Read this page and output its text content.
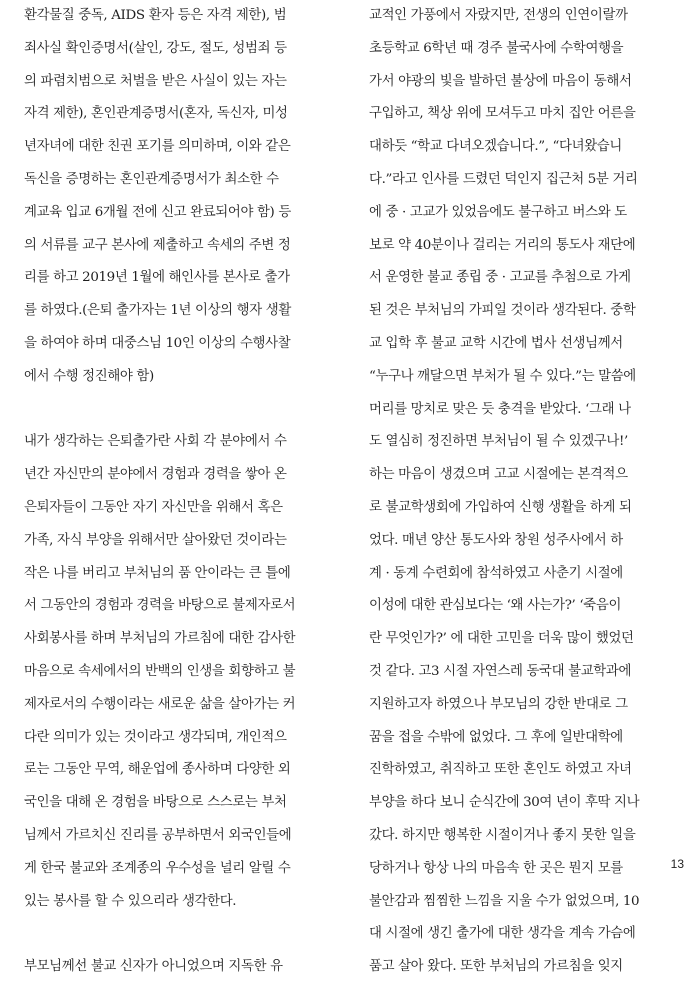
환각물질 중독, AIDS 환자 등은 자격 제한), 범
죄사실 확인증명서(살인, 강도, 절도, 성범죄 등
의 파렴치범으로 처벌을 받은 사실이 있는 자는
자격 제한), 혼인관계증명서(혼자, 독신자, 미성
년자녀에 대한 친권 포기를 의미하며, 이와 같은
독신을 증명하는 혼인관계증명서가 최소한 수
계교육 입교 6개월 전에 신고 완료되어야 함) 등
의 서류를 교구 본사에 제출하고 속세의 주변 정
리를 하고 2019년 1월에 해인사를 본사로 출가
를 하였다.(은퇴 출가자는 1년 이상의 행자 생활
을 하여야 하며 대중스님 10인 이상의 수행사찰
에서 수행 정진해야 함)
내가 생각하는 은퇴출가란 사회 각 분야에서 수
년간 자신만의 분야에서 경험과 경력을 쌓아 온
은퇴자들이 그동안 자기 자신만을 위해서 혹은
가족, 자식 부양을 위해서만 살아왔던 것이라는
작은 나를 버리고 부처님의 품 안이라는 큰 틀에
서 그동안의 경험과 경력을 바탕으로 불제자로서
사회봉사를 하며 부처님의 가르침에 대한 감사한
마음으로 속세에서의 반백의 인생을 회향하고 불
제자로서의 수행이라는 새로운 삶을 살아가는 커
다란 의미가 있는 것이라고 생각되며, 개인적으
로는 그동안 무역, 해운업에 종사하며 다양한 외
국인을 대해 온 경험을 바탕으로 스스로는 부처
님께서 가르치신 진리를 공부하면서 외국인들에
게 한국 불교와 조계종의 우수성을 널리 알릴 수
있는 봉사를 할 수 있으리라 생각한다.
부모님께선 불교 신자가 아니었으며 지독한 유
교적인 가풍에서 자랐지만, 전생의 인연이랄까
초등학교 6학년 때 경주 불국사에 수학여행을
가서 야광의 빛을 발하던 불상에 마음이 동해서
구입하고, 책상 위에 모셔두고 마치 집안 어른을
대하듯 “학교 다녀오겠습니다.”, “다녀왔습니
다.”라고 인사를 드렸던 덕인지 집근처 5분 거리
에 중 · 고교가 있었음에도 불구하고 버스와 도
보로 약 40분이나 걸리는 거리의 통도사 재단에
서 운영한 불교 종립 중 · 고교를 추첨으로 가게
된 것은 부처님의 가피일 것이라 생각된다. 중학
교 입학 후 불교 교학 시간에 법사 선생님께서
“누구나 깨달으면 부처가 될 수 있다.”는 말씀에
머리를 망치로 맞은 듯 충격을 받았다. ‘그래 나
도 열심히 정진하면 부처님이 될 수 있겠구나!’
하는 마음이 생겼으며 고교 시절에는 본격적으
로 불교학생회에 가입하여 신행 생활을 하게 되
었다. 매년 양산 통도사와 창원 성주사에서 하
계 · 동계 수련회에 참석하였고 사춘기 시절에
이성에 대한 관심보다는 ‘왜 사는가?’ ‘죽음이
란 무엇인가?’ 에 대한 고민을 더욱 많이 했었던
것 같다. 고3 시절 자연스레 동국대 불교학과에
지원하고자 하였으나 부모님의 강한 반대로 그
꿈을 접을 수밖에 없었다. 그 후에 일반대학에
진학하였고, 취직하고 또한 혼인도 하였고 자녀
부양을 하다 보니 순식간에 30여 년이 후딱 지나
갔다. 하지만 행복한 시절이거나 좋지 못한 일을
당하거나 항상 나의 마음속 한 곳은 뭔지 모를
불안감과 찜찜한 느낌을 지울 수가 없었으며, 10
대 시절에 생긴 출가에 대한 생각을 계속 가슴에
품고 살아 왔다. 또한 부처님의 가르침을 잊지
13
